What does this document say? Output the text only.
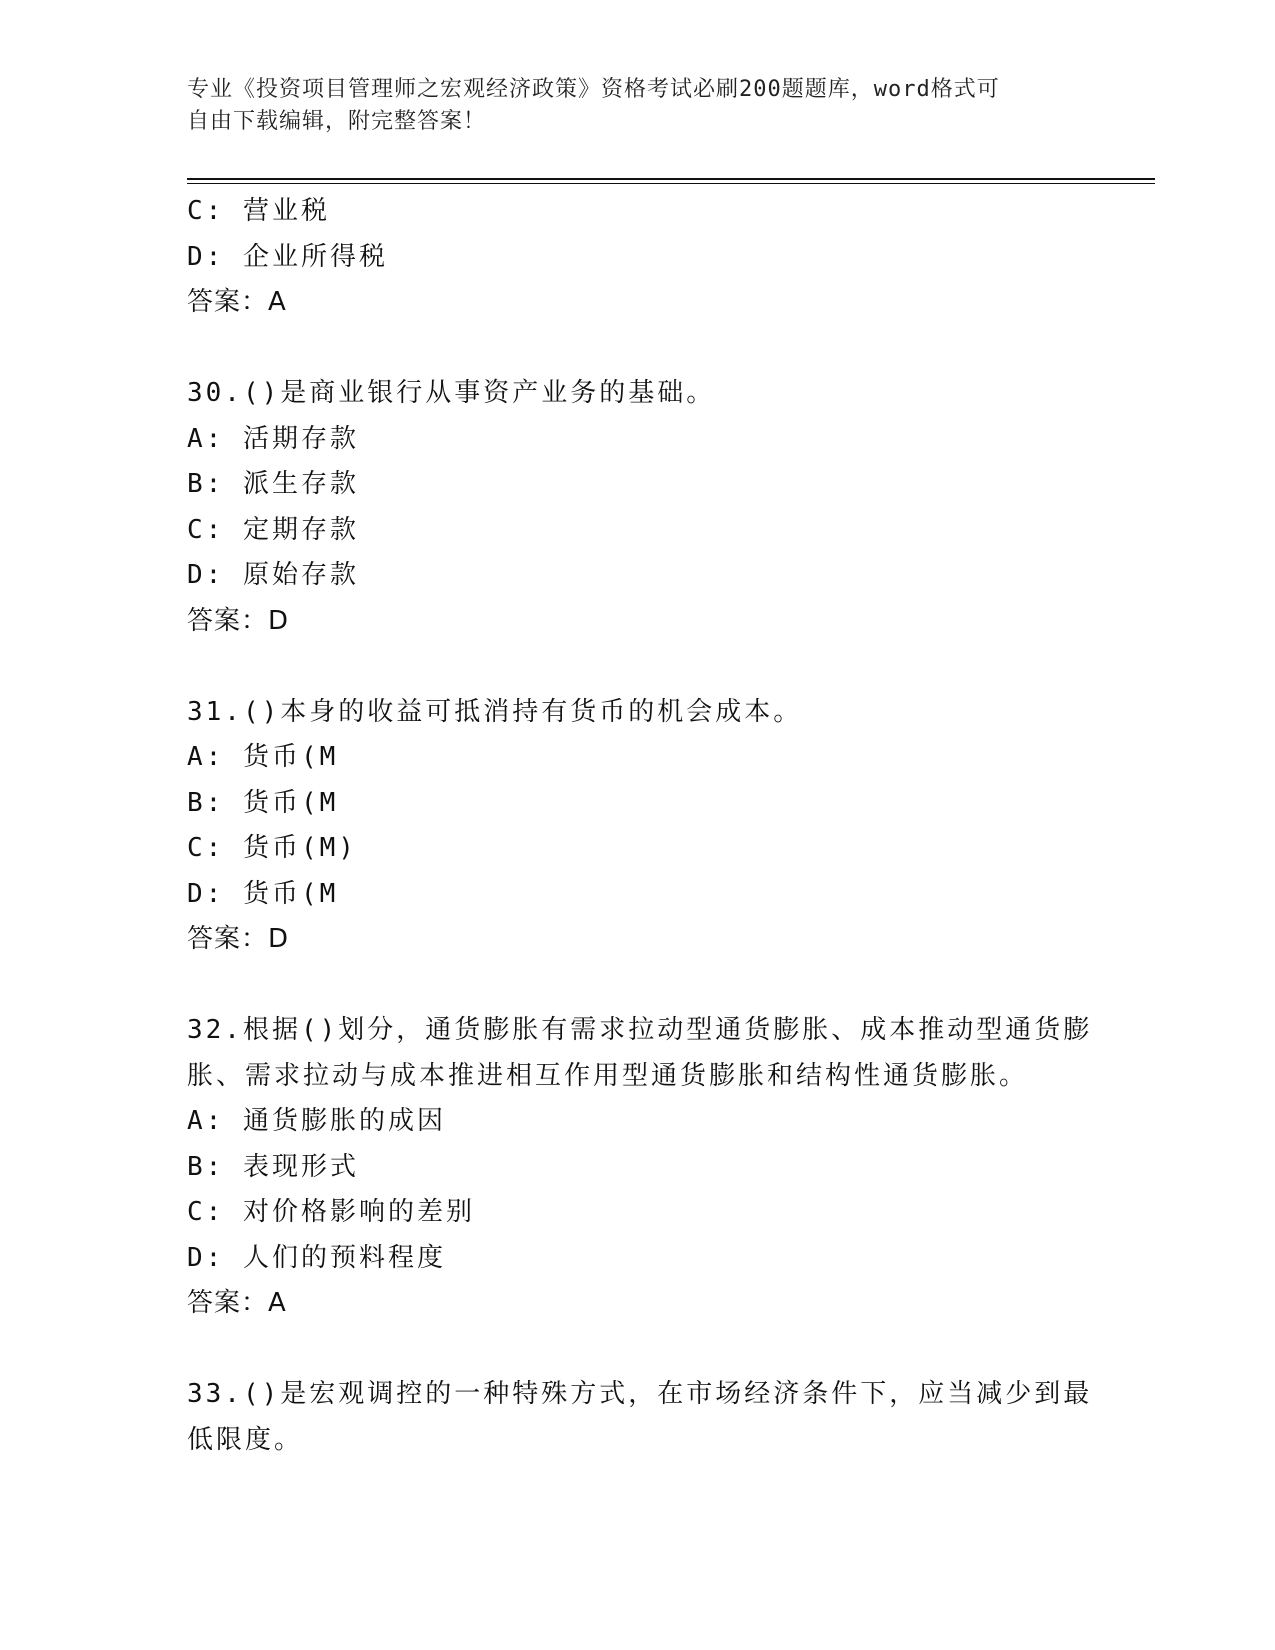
专业《投资项目管理师之宏观经济政策》资格考试必刷200题题库，word格式可
自由下载编辑，附完整答案！
C: 营业税
D: 企业所得税
答案：A
30.()是商业银行从事资产业务的基础。
A: 活期存款
B: 派生存款
C: 定期存款
D: 原始存款
答案：D
31.()本身的收益可抵消持有货币的机会成本。
A: 货币(M
B: 货币(M
C: 货币(M)
D: 货币(M
答案：D
32.根据()划分，通货膨胀有需求拉动型通货膨胀、成本推动型通货膨
胀、需求拉动与成本推进相互作用型通货膨胀和结构性通货膨胀。
A: 通货膨胀的成因
B: 表现形式
C: 对价格影响的差别
D: 人们的预料程度
答案：A
33.()是宏观调控的一种特殊方式，在市场经济条件下，应当减少到最
低限度。
